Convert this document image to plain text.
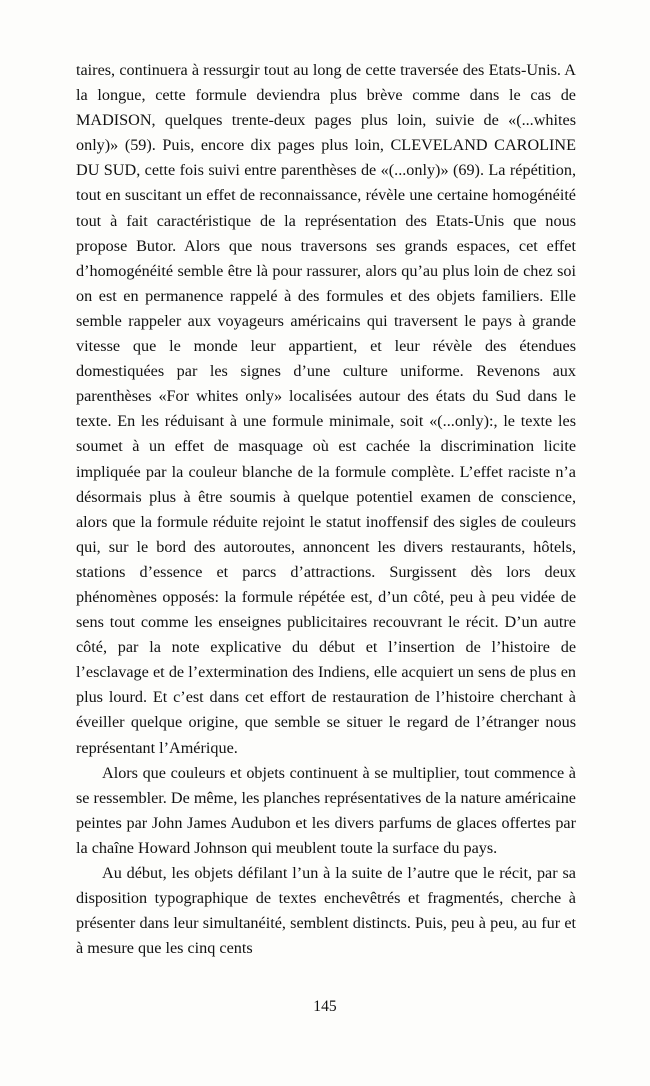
taires, continuera à ressurgir tout au long de cette traversée des Etats-Unis. A la longue, cette formule deviendra plus brève comme dans le cas de MADISON, quelques trente-deux pages plus loin, suivie de «(...whites only)» (59). Puis, encore dix pages plus loin, CLEVELAND CAROLINE DU SUD, cette fois suivi entre parenthèses de «(...only)» (69). La répétition, tout en suscitant un effet de reconnaissance, révèle une certaine homogénéité tout à fait caractéristique de la représentation des Etats-Unis que nous propose Butor. Alors que nous traversons ses grands espaces, cet effet d’homogénéité semble être là pour rassurer, alors qu’au plus loin de chez soi on est en permanence rappelé à des formules et des objets familiers. Elle semble rappeler aux voyageurs américains qui traversent le pays à grande vitesse que le monde leur appartient, et leur révèle des étendues domestiquées par les signes d’une culture uniforme. Revenons aux parenthèses «For whites only» localisées autour des états du Sud dans le texte. En les réduisant à une formule minimale, soit «(...only):, le texte les soumet à un effet de masquage où est cachée la discrimination licite impliquée par la couleur blanche de la formule complète. L’effet raciste n’a désormais plus à être soumis à quelque potentiel examen de conscience, alors que la formule réduite rejoint le statut inoffensif des sigles de couleurs qui, sur le bord des autoroutes, annoncent les divers restaurants, hôtels, stations d’essence et parcs d’attractions. Surgissent dès lors deux phénomènes opposés: la formule répétée est, d’un côté, peu à peu vidée de sens tout comme les enseignes publicitaires recouvrant le récit. D’un autre côté, par la note explicative du début et l’insertion de l’histoire de l’esclavage et de l’extermination des Indiens, elle acquiert un sens de plus en plus lourd. Et c’est dans cet effort de restauration de l’histoire cherchant à éveiller quelque origine, que semble se situer le regard de l’étranger nous représentant l’Amérique.

Alors que couleurs et objets continuent à se multiplier, tout commence à se ressembler. De même, les planches représentatives de la nature américaine peintes par John James Audubon et les divers parfums de glaces offertes par la chaîne Howard Johnson qui meublent toute la surface du pays.

Au début, les objets défilant l’un à la suite de l’autre que le récit, par sa disposition typographique de textes enchevêtrés et fragmentés, cherche à présenter dans leur simultanéité, semblent distincts. Puis, peu à peu, au fur et à mesure que les cinq cents

145
